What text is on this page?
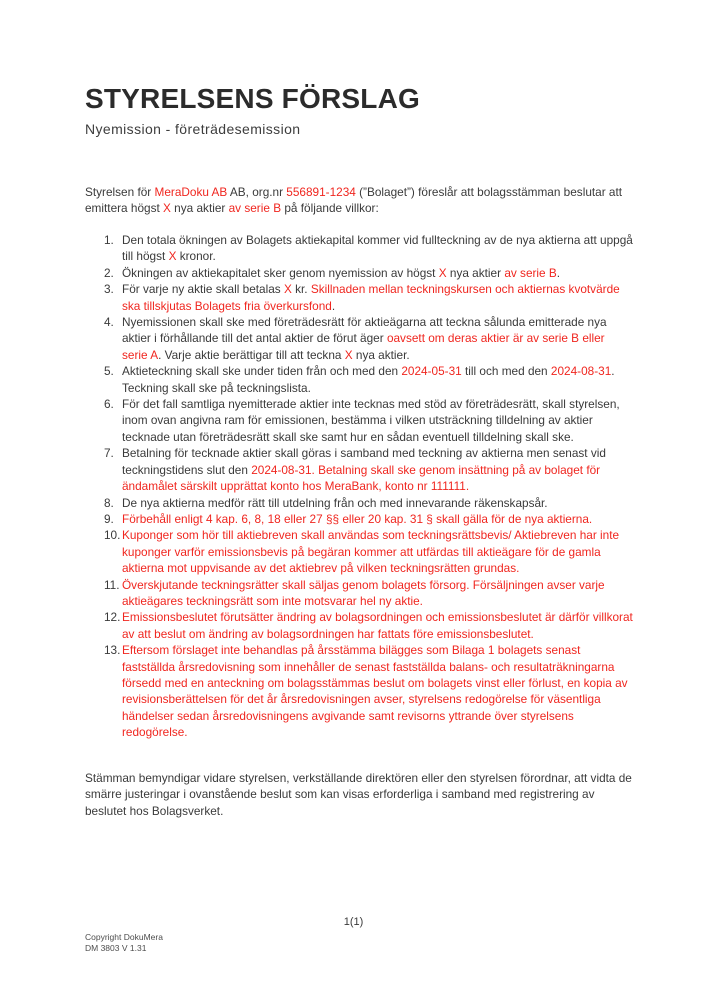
STYRELSENS FÖRSLAG
Nyemission - företrädesemission
Styrelsen för MeraDoku AB AB, org.nr 556891-1234 (”Bolaget”) föreslår att bolagsstämman beslutar att emittera högst X nya aktier av serie B på följande villkor:
1. Den totala ökningen av Bolagets aktiekapital kommer vid fullteckning av de nya aktierna att uppgå till högst X kronor.
2. Ökningen av aktiekapitalet sker genom nyemission av högst X nya aktier av serie B.
3. För varje ny aktie skall betalas X kr. Skillnaden mellan teckningskursen och aktiernas kvotvärde ska tillskjutas Bolagets fria överkursfond.
4. Nyemissionen skall ske med företrädesrätt för aktieägarna att teckna sålunda emitterade nya aktier i förhållande till det antal aktier de förut äger oavsett om deras aktier är av serie B eller serie A. Varje aktie berättigar till att teckna X nya aktier.
5. Aktieteckning skall ske under tiden från och med den 2024-05-31 till och med den 2024-08-31. Teckning skall ske på teckningslista.
6. För det fall samtliga nyemitterade aktier inte tecknas med stöd av företrädesrätt, skall styrelsen, inom ovan angivna ram för emissionen, bestämma i vilken utsträckning tilldelning av aktier tecknade utan företrädesrätt skall ske samt hur en sådan eventuell tilldelning skall ske.
7. Betalning för tecknade aktier skall göras i samband med teckning av aktierna men senast vid teckningstidens slut den 2024-08-31. Betalning skall ske genom insättning på av bolaget för ändamålet särskilt upprättat konto hos MeraBank, konto nr 111111.
8. De nya aktierna medför rätt till utdelning från och med innevarande räkenskapsår.
9. Förbehåll enligt 4 kap. 6, 8, 18 eller 27 §§ eller 20 kap. 31 § skall gälla för de nya aktierna.
10. Kuponger som hör till aktiebreven skall användas som teckningsrättsbevis/ Aktiebreven har inte kuponger varför emissionsbevis på begäran kommer att utfärdas till aktieägare för de gamla aktierna mot uppvisande av det aktiebrev på vilken teckningsrätten grundas.
11. Överskjutande teckningsrätter skall säljas genom bolagets försorg. Försäljningen avser varje aktieägares teckningsrätt som inte motsvarar hel ny aktie.
12. Emissionsbeslutet förutsätter ändring av bolagsordningen och emissionsbeslutet är därför villkorat av att beslut om ändring av bolagsordningen har fattats före emissionsbeslutet.
13. Eftersom förslaget inte behandlas på årsstämma bilägges som Bilaga 1 bolagets senast fastställda årsredovisning som innehåller de senast fastställda balans- och resultaträkningarna försedd med en anteckning om bolagsstämmas beslut om bolagets vinst eller förlust, en kopia av revisionsberättelsen för det år årsredovisningen avser, styrelsens redogörelse för väsentliga händelser sedan årsredovisningens avgivande samt revisorns yttrande över styrelsens redogörelse.
Stämman bemyndigar vidare styrelsen, verkställande direktören eller den styrelsen förordnar, att vidta de smärre justeringar i ovanstående beslut som kan visas erforderliga i samband med registrering av beslutet hos Bolagsverket.
1(1)
Copyright DokuMera
DM 3803 V 1.31
